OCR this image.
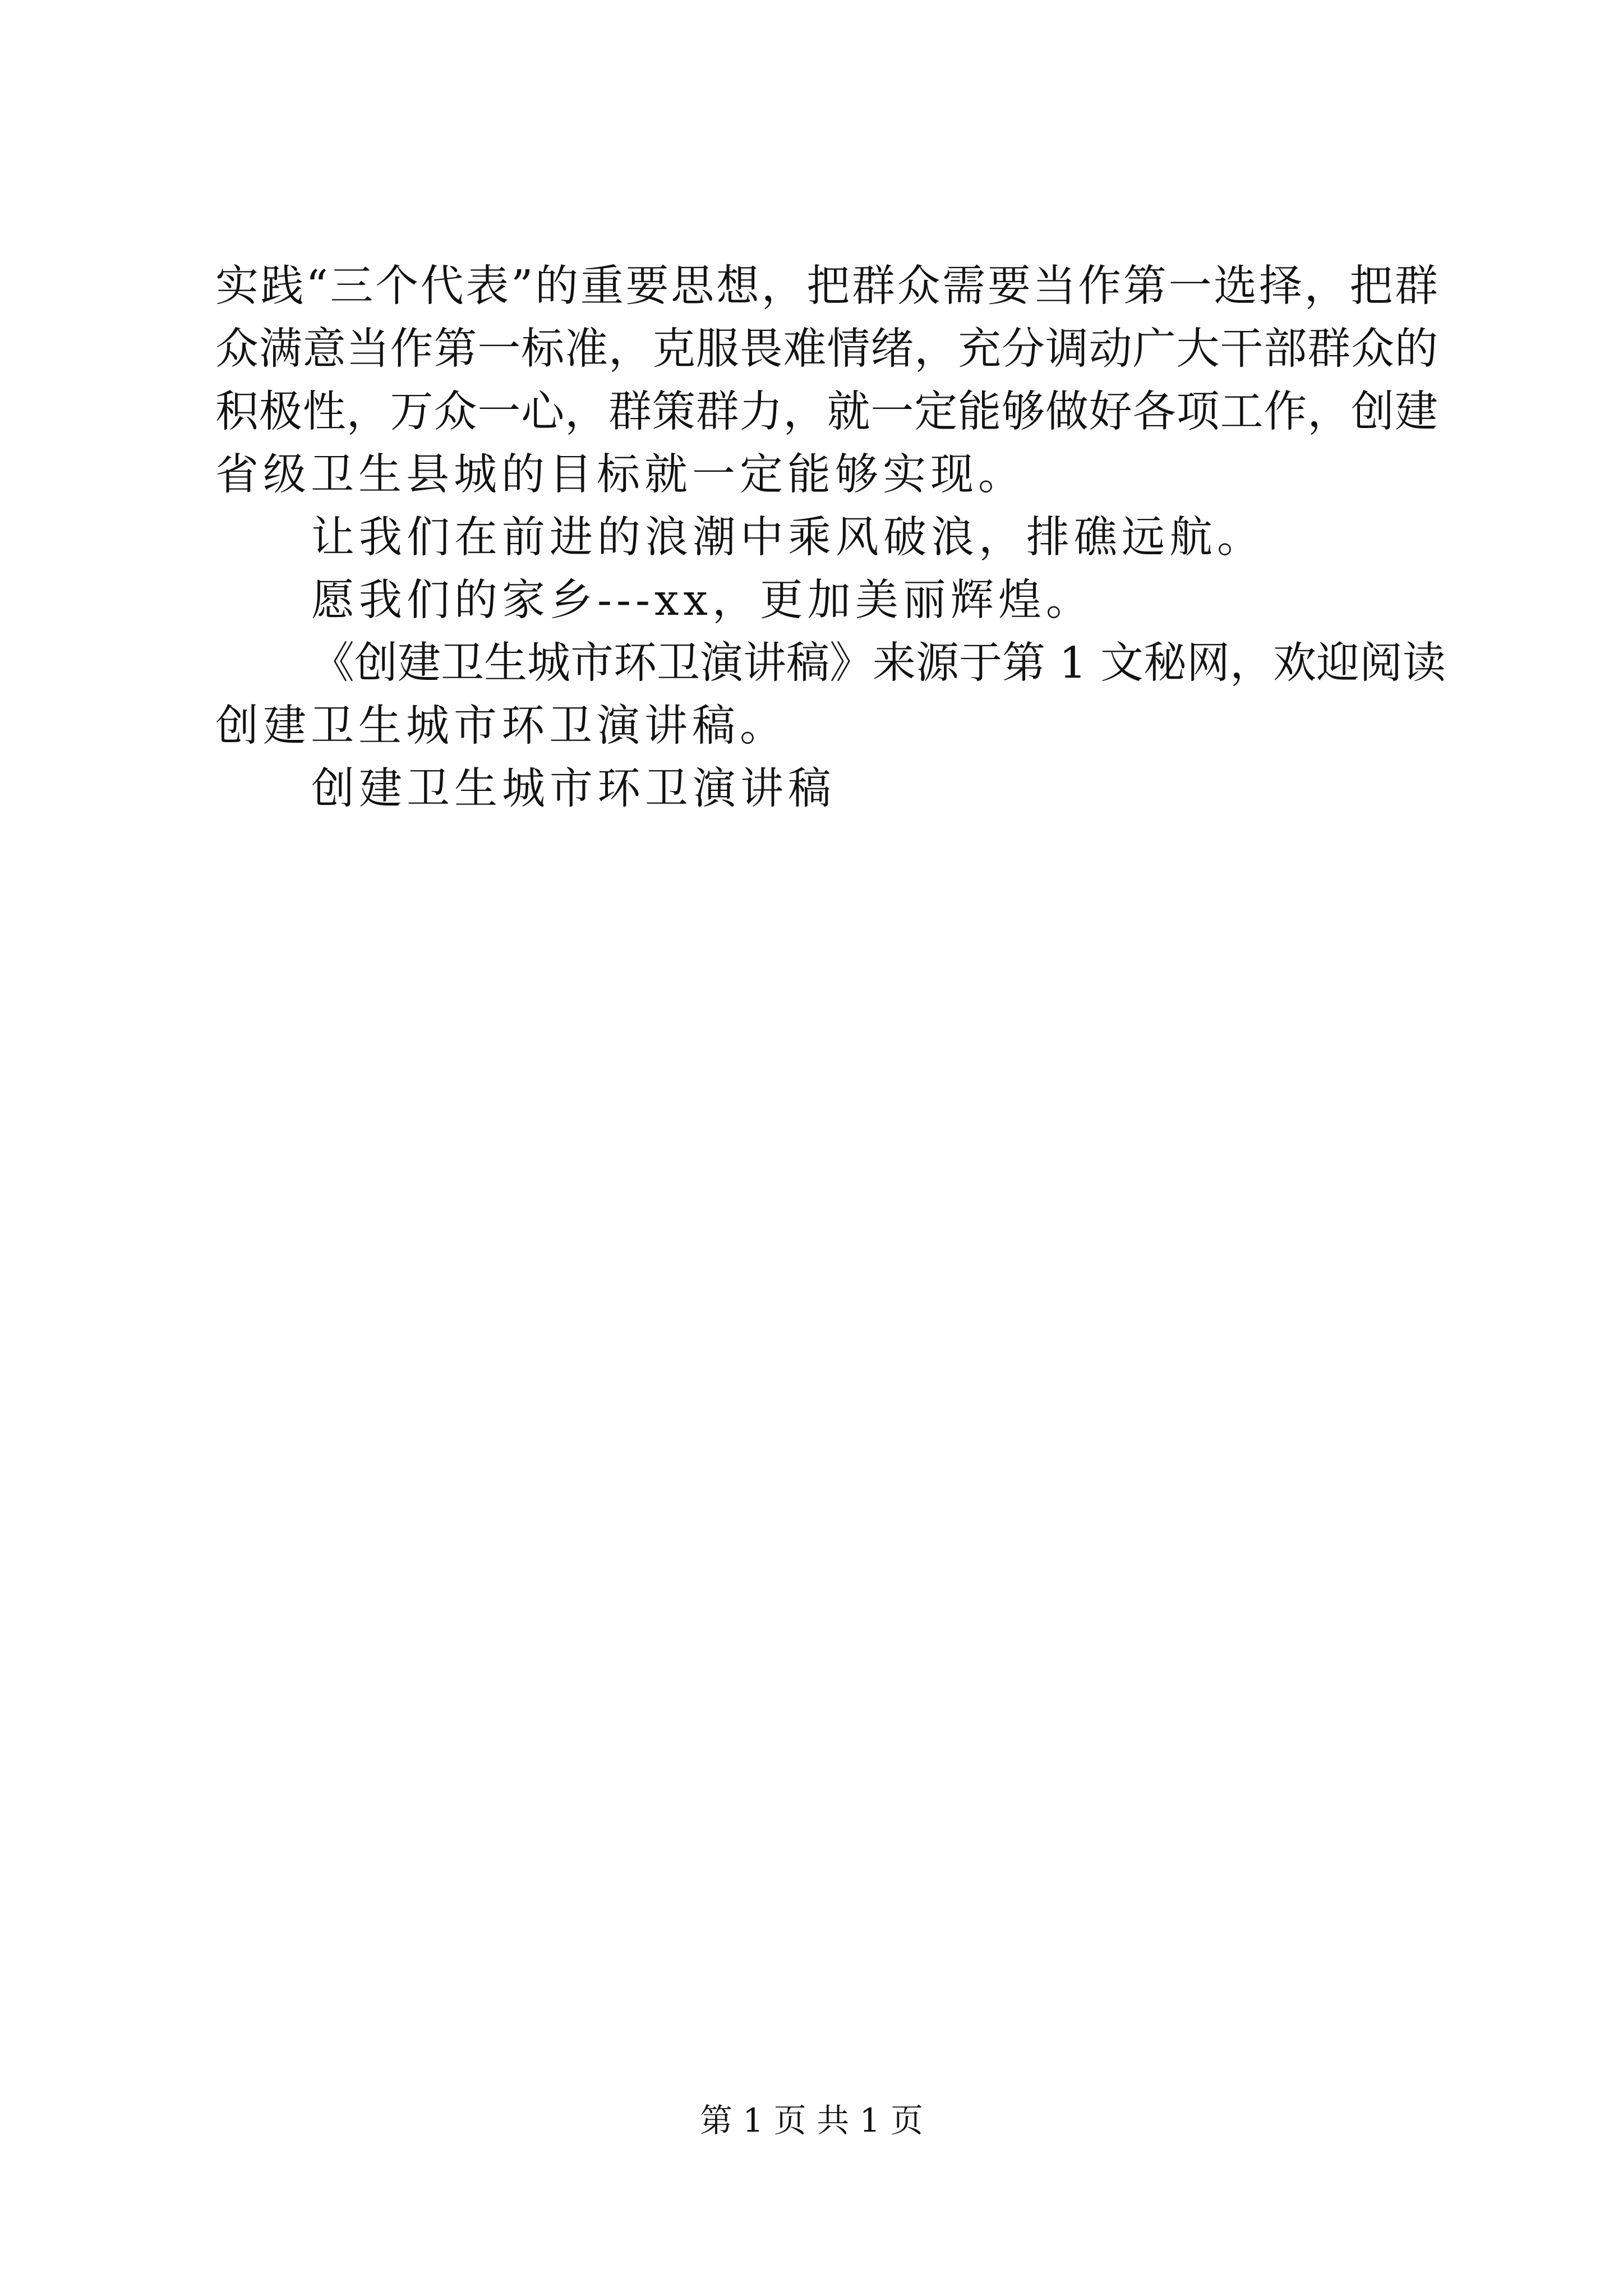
实践“三个代表”的重要思想，把群众需要当作第一选择，把群
众满意当作第一标准，克服畏难情绪，充分调动广大干部群众的
积极性，万众一心，群策群力，就一定能够做好各项工作，创建
省级卫生县城的目标就一定能够实现。
让我们在前进的浪潮中乘风破浪，排礁远航。
愿我们的家乡---xx，更加美丽辉煌。
《创建卫生城市环卫演讲稿》来源于第 1 文秘网，欢迎阅读
创建卫生城市环卫演讲稿。
创建卫生城市环卫演讲稿
第 1 页 共 1 页
